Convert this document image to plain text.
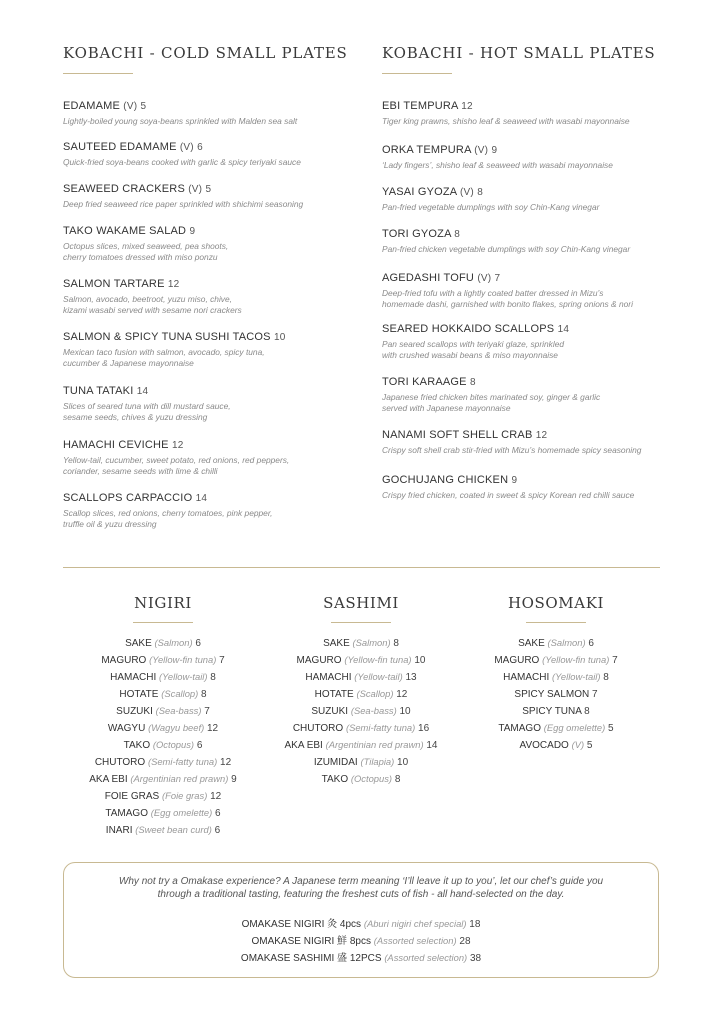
KOBACHI - COLD SMALL PLATES KOBACHI - HOT SMALL PLATES
EDAMAME (V) 5
Lightly-boiled young soya-beans sprinkled with Malden sea salt
SAUTEED EDAMAME (V) 6
Quick-fried soya-beans cooked with garlic & spicy teriyaki sauce
SEAWEED CRACKERS (V) 5
Deep fried seaweed rice paper sprinkled with shichimi seasoning
TAKO WAKAME SALAD 9
Octopus slices, mixed seaweed, pea shoots,
cherry tomatoes dressed with miso ponzu
SALMON TARTARE 12
Salmon, avocado, beetroot, yuzu miso, chive,
kizami wasabi served with sesame nori crackers
SALMON & SPICY TUNA SUSHI TACOS 10
Mexican taco fusion with salmon, avocado, spicy tuna,
cucumber & Japanese mayonnaise
TUNA TATAKI 14
Slices of seared tuna with dill mustard sauce,
sesame seeds, chives & yuzu dressing
HAMACHI CEVICHE 12
Yellow-tail, cucumber, sweet potato, red onions, red peppers,
coriander, sesame seeds with lime & chilli
SCALLOPS CARPACCIO 14
Scallop slices, red onions, cherry tomatoes, pink pepper,
truffle oil & yuzu dressing
EBI TEMPURA 12
Tiger king prawns, shisho leaf & seaweed with wasabi mayonnaise
ORKA TEMPURA (V) 9
‘Lady fingers’, shisho leaf & seaweed with wasabi mayonnaise
YASAI GYOZA (V) 8
Pan-fried vegetable dumplings with soy Chin-Kang vinegar
TORI GYOZA 8
Pan-fried chicken vegetable dumplings with soy Chin-Kang vinegar
AGEDASHI TOFU (V) 7
Deep-fried tofu with a lightly coated batter dressed in Mizu’s
homemade dashi, garnished with bonito flakes, spring onions & nori
SEARED HOKKAIDO SCALLOPS 14
Pan seared scallops with teriyaki glaze, sprinkled
with crushed wasabi beans & miso mayonnaise
TORI KARAAGE 8
Japanese fried chicken bites marinated soy, ginger & garlic
served with Japanese mayonnaise
NANAMI SOFT SHELL CRAB 12
Crispy soft shell crab stir-fried with Mizu’s homemade spicy seasoning
GOCHUJANG CHICKEN 9
Crispy fried chicken, coated in sweet & spicy Korean red chilli sauce
NIGIRI
SAKE (Salmon) 6
MAGURO (Yellow-fin tuna) 7
HAMACHI (Yellow-tail) 8
HOTATE (Scallop) 8
SUZUKI (Sea-bass) 7
WAGYU (Wagyu beef) 12
TAKO (Octopus) 6
CHUTORO (Semi-fatty tuna) 12
AKA EBI (Argentinian red prawn) 9
FOIE GRAS (Foie gras) 12
TAMAGO (Egg omelette) 6
INARI (Sweet bean curd) 6
SASHIMI
SAKE (Salmon) 8
MAGURO (Yellow-fin tuna) 10
HAMACHI (Yellow-tail) 13
HOTATE (Scallop) 12
SUZUKI (Sea-bass) 10
CHUTORO (Semi-fatty tuna) 16
AKA EBI (Argentinian red prawn) 14
IZUMIDAI (Tilapia) 10
TAKO (Octopus) 8
HOSOMAKI
SAKE (Salmon) 6
MAGURO (Yellow-fin tuna) 7
HAMACHI (Yellow-tail) 8
SPICY SALMON 7
SPICY TUNA 8
TAMAGO (Egg omelette) 5
AVOCADO (V) 5
Why not try a Omakase experience? A Japanese term meaning ‘I’ll leave it up to you’, let our chef’s guide you
through a traditional tasting, featuring the freshest cuts of fish - all hand-selected on the day.
OMAKASE NIGIRI 灸 4pcs (Aburi nigiri chef special) 18
OMAKASE NIGIRI 鮮 8pcs (Assorted selection) 28
OMAKASE SASHIMI 盛 12PCS (Assorted selection) 38
